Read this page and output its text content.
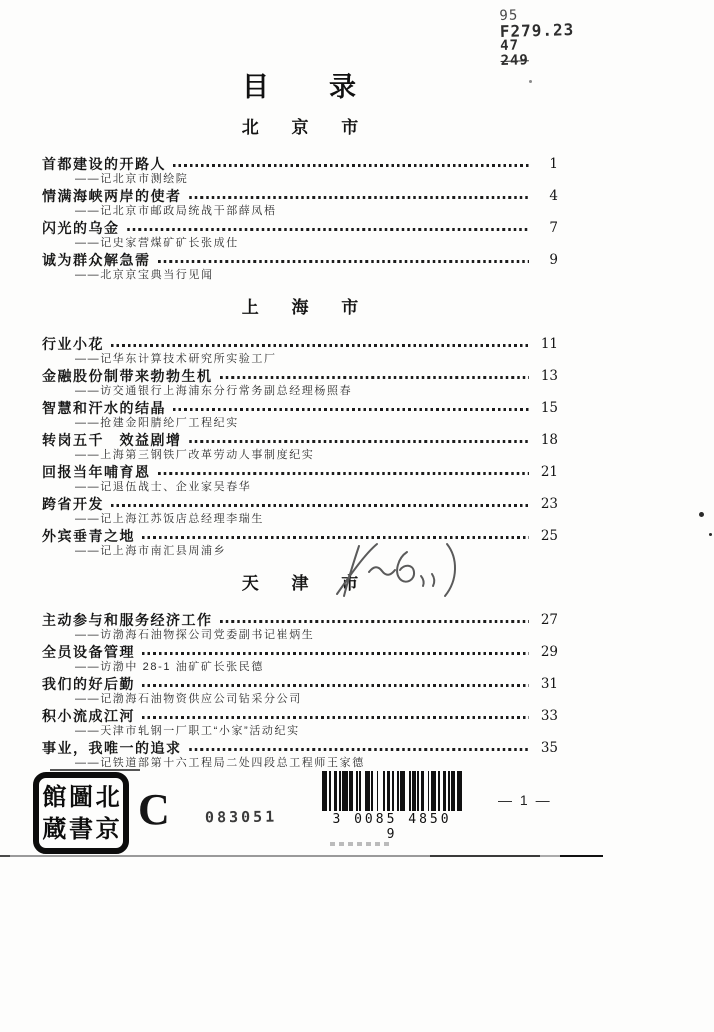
95
F279.23
47
249
目　　录
北 京 市
首都建设的开路人	1
——记北京市测绘院
情满海峡两岸的使者	4
——记北京市邮政局统战干部薛凤梧
闪光的乌金	7
——记史家营煤矿矿长张成仕
诚为群众解急需	9
——北京京宝典当行见闻
上 海 市
行业小花	11
——记华东计算技术研究所实验工厂
金融股份制带来勃勃生机	13
——访交通银行上海浦东分行常务副总经理杨照春
智慧和汗水的结晶	15
——抢建金阳腈纶厂工程纪实
转岗五千　效益剧增	18
——上海第三钢铁厂改革劳动人事制度纪实
回报当年哺育恩	21
——记退伍战士、企业家吴春华
跨省开发	23
——记上海江苏饭店总经理李瑞生
外宾垂青之地	25
——记上海市南汇县周浦乡
天 津 市
主动参与和服务经济工作	27
——访渤海石油物探公司党委副书记崔炳生
全员设备管理	29
——访渤中 28-1 油矿矿长张民德
我们的好后勤	31
——记渤海石油物资供应公司钻采分公司
积小流成江河	33
——天津市轧钢一厂职工“小家”活动纪实
事业，我唯一的追求	35
——记铁道部第十六工程局二处四段总工程师王家德
館 圖 北
蔵 書 京 C 083051	3 0085 4850 9
— 1 —
